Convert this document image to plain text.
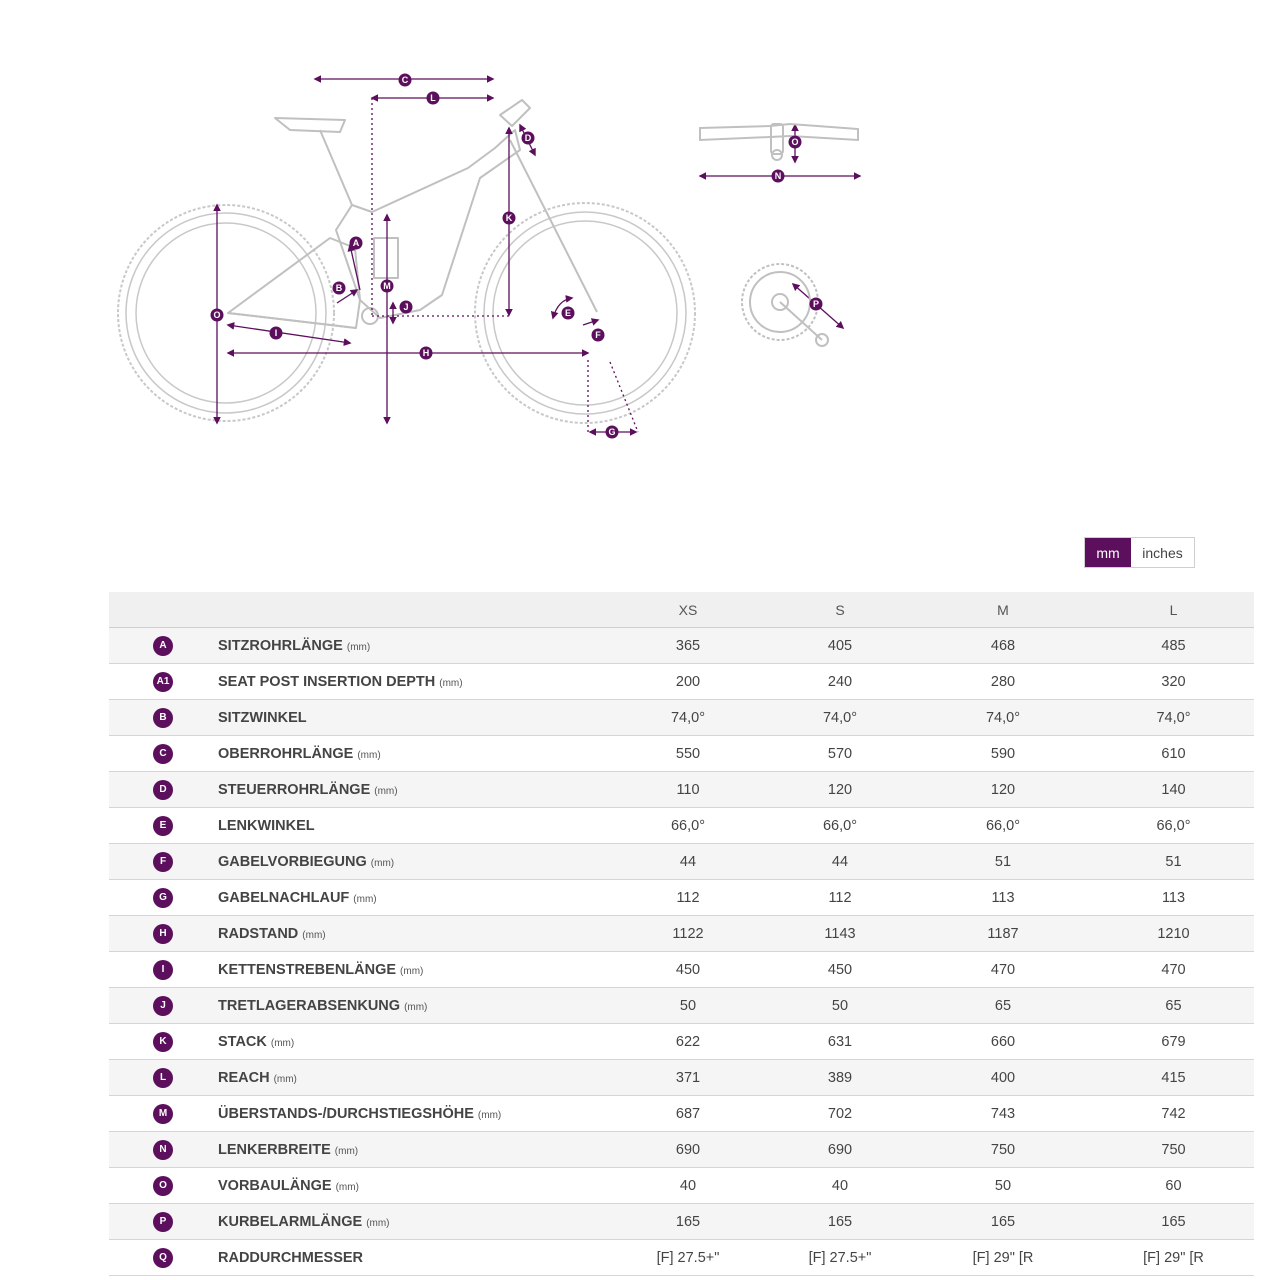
C
L
D
K
A
M
B
J
O
I
H
E
F
G
O
N
P
mm	inches
		XS	S	M	L
A	SITZROHRLÄNGE (mm)	365	405	468	485
A1	SEAT POST INSERTION DEPTH (mm)	200	240	280	320
B	SITZWINKEL	74,0°	74,0°	74,0°	74,0°
C	OBERROHRLÄNGE (mm)	550	570	590	610
D	STEUERROHRLÄNGE (mm)	110	120	120	140
E	LENKWINKEL	66,0°	66,0°	66,0°	66,0°
F	GABELVORBIEGUNG (mm)	44	44	51	51
G	GABELNACHLAUF (mm)	112	112	113	113
H	RADSTAND (mm)	1122	1143	1187	1210
I	KETTENSTREBENLÄNGE (mm)	450	450	470	470
J	TRETLAGERABSENKUNG (mm)	50	50	65	65
K	STACK (mm)	622	631	660	679
L	REACH (mm)	371	389	400	415
M	ÜBERSTANDS-/DURCHSTIEGSHÖHE (mm)	687	702	743	742
N	LENKERBREITE (mm)	690	690	750	750
O	VORBAULÄNGE (mm)	40	40	50	60
P	KURBELARMLÄNGE (mm)	165	165	165	165
Q	RADDURCHMESSER	[F] 27.5+"	[F] 27.5+"	[F] 29" [R	[F] 29" [R
